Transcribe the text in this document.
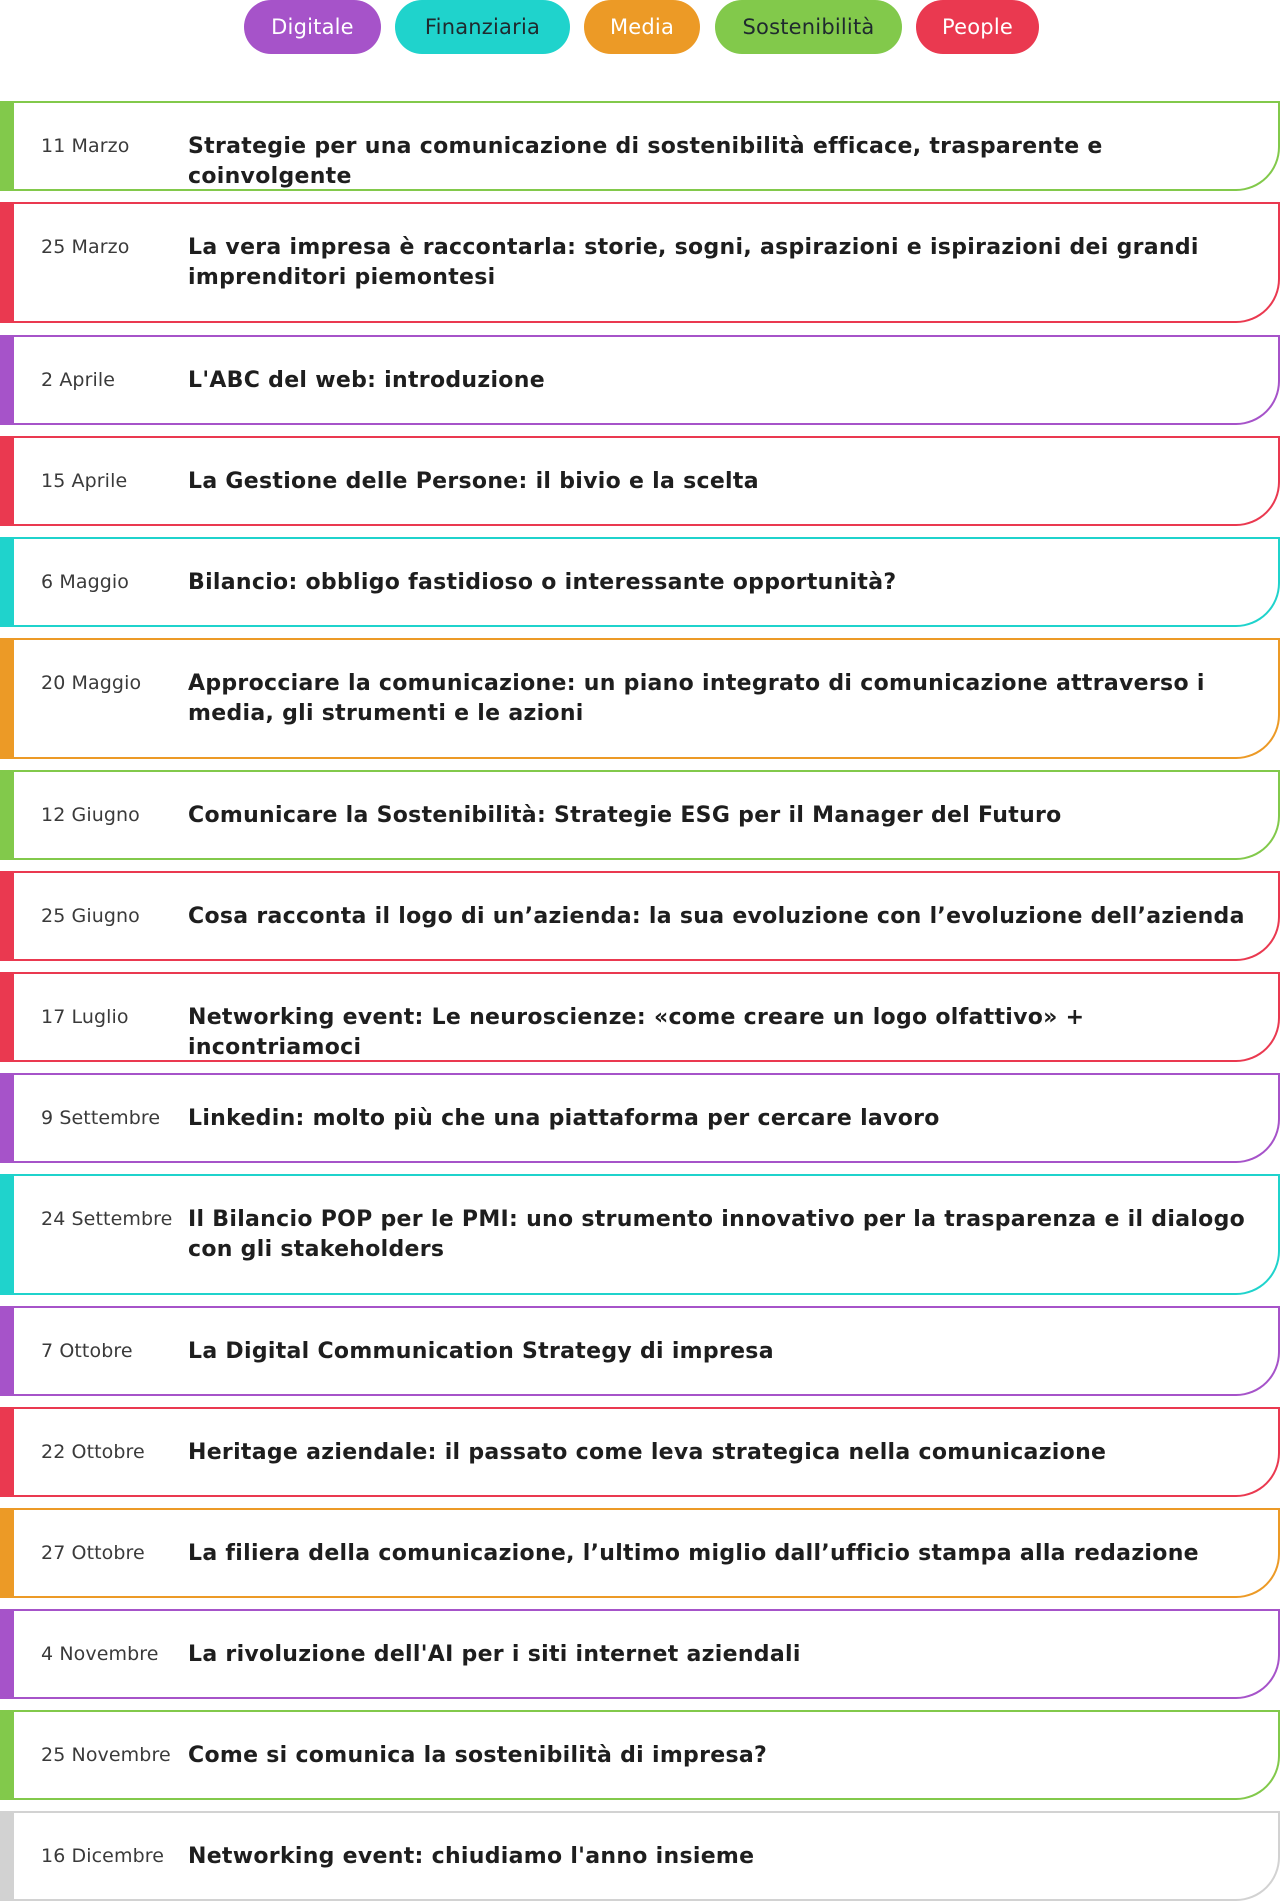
Digitale	Finanziaria	Media	Sostenibilità	People
11 Marzo	Strategie per una comunicazione di sostenibilità efficace, trasparente e coinvolgente
25 Marzo	La vera impresa è raccontarla: storie, sogni, aspirazioni e ispirazioni dei grandi imprenditori piemontesi
2 Aprile	L'ABC del web: introduzione
15 Aprile	La Gestione delle Persone: il bivio e la scelta
6 Maggio	Bilancio: obbligo fastidioso o interessante opportunità?
20 Maggio Approcciare la comunicazione: un piano integrato di comunicazione attraverso i media, gli strumenti e le azioni
12 Giugno Comunicare la Sostenibilità: Strategie ESG per il Manager del Futuro
25 Giugno Cosa racconta il logo di un’azienda: la sua evoluzione con l’evoluzione dell’azienda
17 Luglio	Networking event: Le neuroscienze: «come creare un logo olfattivo» + incontriamoci
9 Settembre Linkedin: molto più che una piattaforma per cercare lavoro
24 Settembre Il Bilancio POP per le PMI: uno strumento innovativo per la trasparenza e il dialogo con gli stakeholders
7 Ottobre	La Digital Communication Strategy di impresa
22 Ottobre Heritage aziendale: il passato come leva strategica nella comunicazione
27 Ottobre La filiera della comunicazione, l’ultimo miglio dall’ufficio stampa alla redazione
4 Novembre La rivoluzione dell'AI per i siti internet aziendali
25 Novembre Come si comunica la sostenibilità di impresa?
16 Dicembre Networking event: chiudiamo l'anno insieme
